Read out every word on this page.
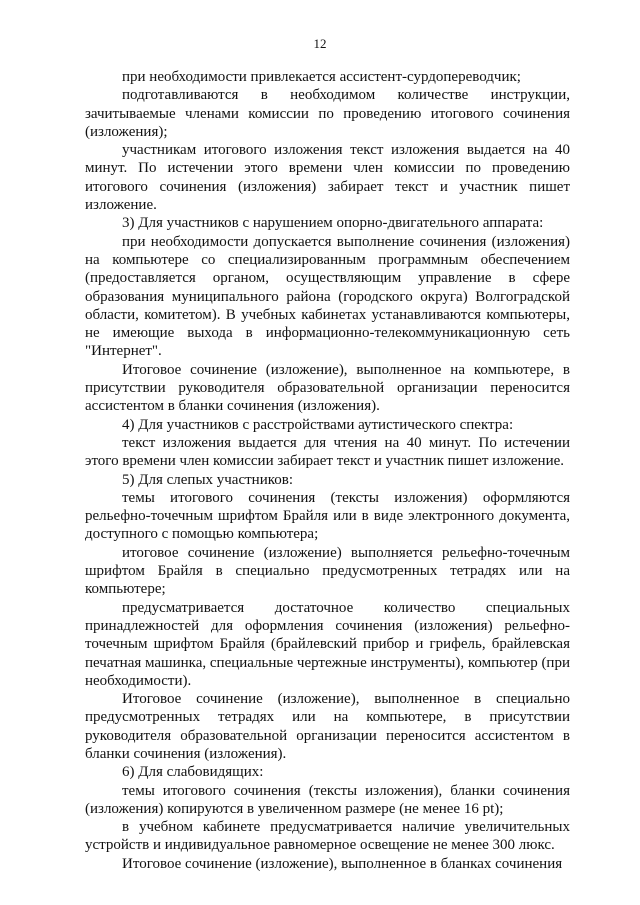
12

при необходимости привлекается ассистент-сурдопереводчик;

подготавливаются в необходимом количестве инструкции, зачитываемые членами комиссии по проведению итогового сочинения (изложения);

участникам итогового изложения текст изложения выдается на 40 минут. По истечении этого времени член комиссии по проведению итогового сочинения (изложения) забирает текст и участник пишет изложение.

3) Для участников с нарушением опорно-двигательного аппарата:

при необходимости допускается выполнение сочинения (изложения) на компьютере со специализированным программным обеспечением (предоставляется органом, осуществляющим управление в сфере образования муниципального района (городского округа) Волгоградской области, комитетом). В учебных кабинетах устанавливаются компьютеры, не имеющие выхода в информационно-телекоммуникационную сеть "Интернет".

Итоговое сочинение (изложение), выполненное на компьютере, в присутствии руководителя образовательной организации переносится ассистентом в бланки сочинения (изложения).

4) Для участников с расстройствами аутистического спектра:

текст изложения выдается для чтения на 40 минут. По истечении этого времени член комиссии забирает текст и участник пишет изложение.

5) Для слепых участников:

темы итогового сочинения (тексты изложения) оформляются рельефно-точечным шрифтом Брайля или в виде электронного документа, доступного с помощью компьютера;

итоговое сочинение (изложение) выполняется рельефно-точечным шрифтом Брайля в специально предусмотренных тетрадях или на компьютере;

предусматривается достаточное количество специальных принадлежностей для оформления сочинения (изложения) рельефно-точечным шрифтом Брайля (брайлевский прибор и грифель, брайлевская печатная машинка, специальные чертежные инструменты), компьютер (при необходимости).

Итоговое сочинение (изложение), выполненное в специально предусмотренных тетрадях или на компьютере, в присутствии руководителя образовательной организации переносится ассистентом в бланки сочинения (изложения).

6) Для слабовидящих:

темы итогового сочинения (тексты изложения), бланки сочинения (изложения) копируются в увеличенном размере (не менее 16 pt);

в учебном кабинете предусматривается наличие увеличительных устройств и индивидуальное равномерное освещение не менее 300 люкс.

Итоговое сочинение (изложение), выполненное в бланках сочинения
